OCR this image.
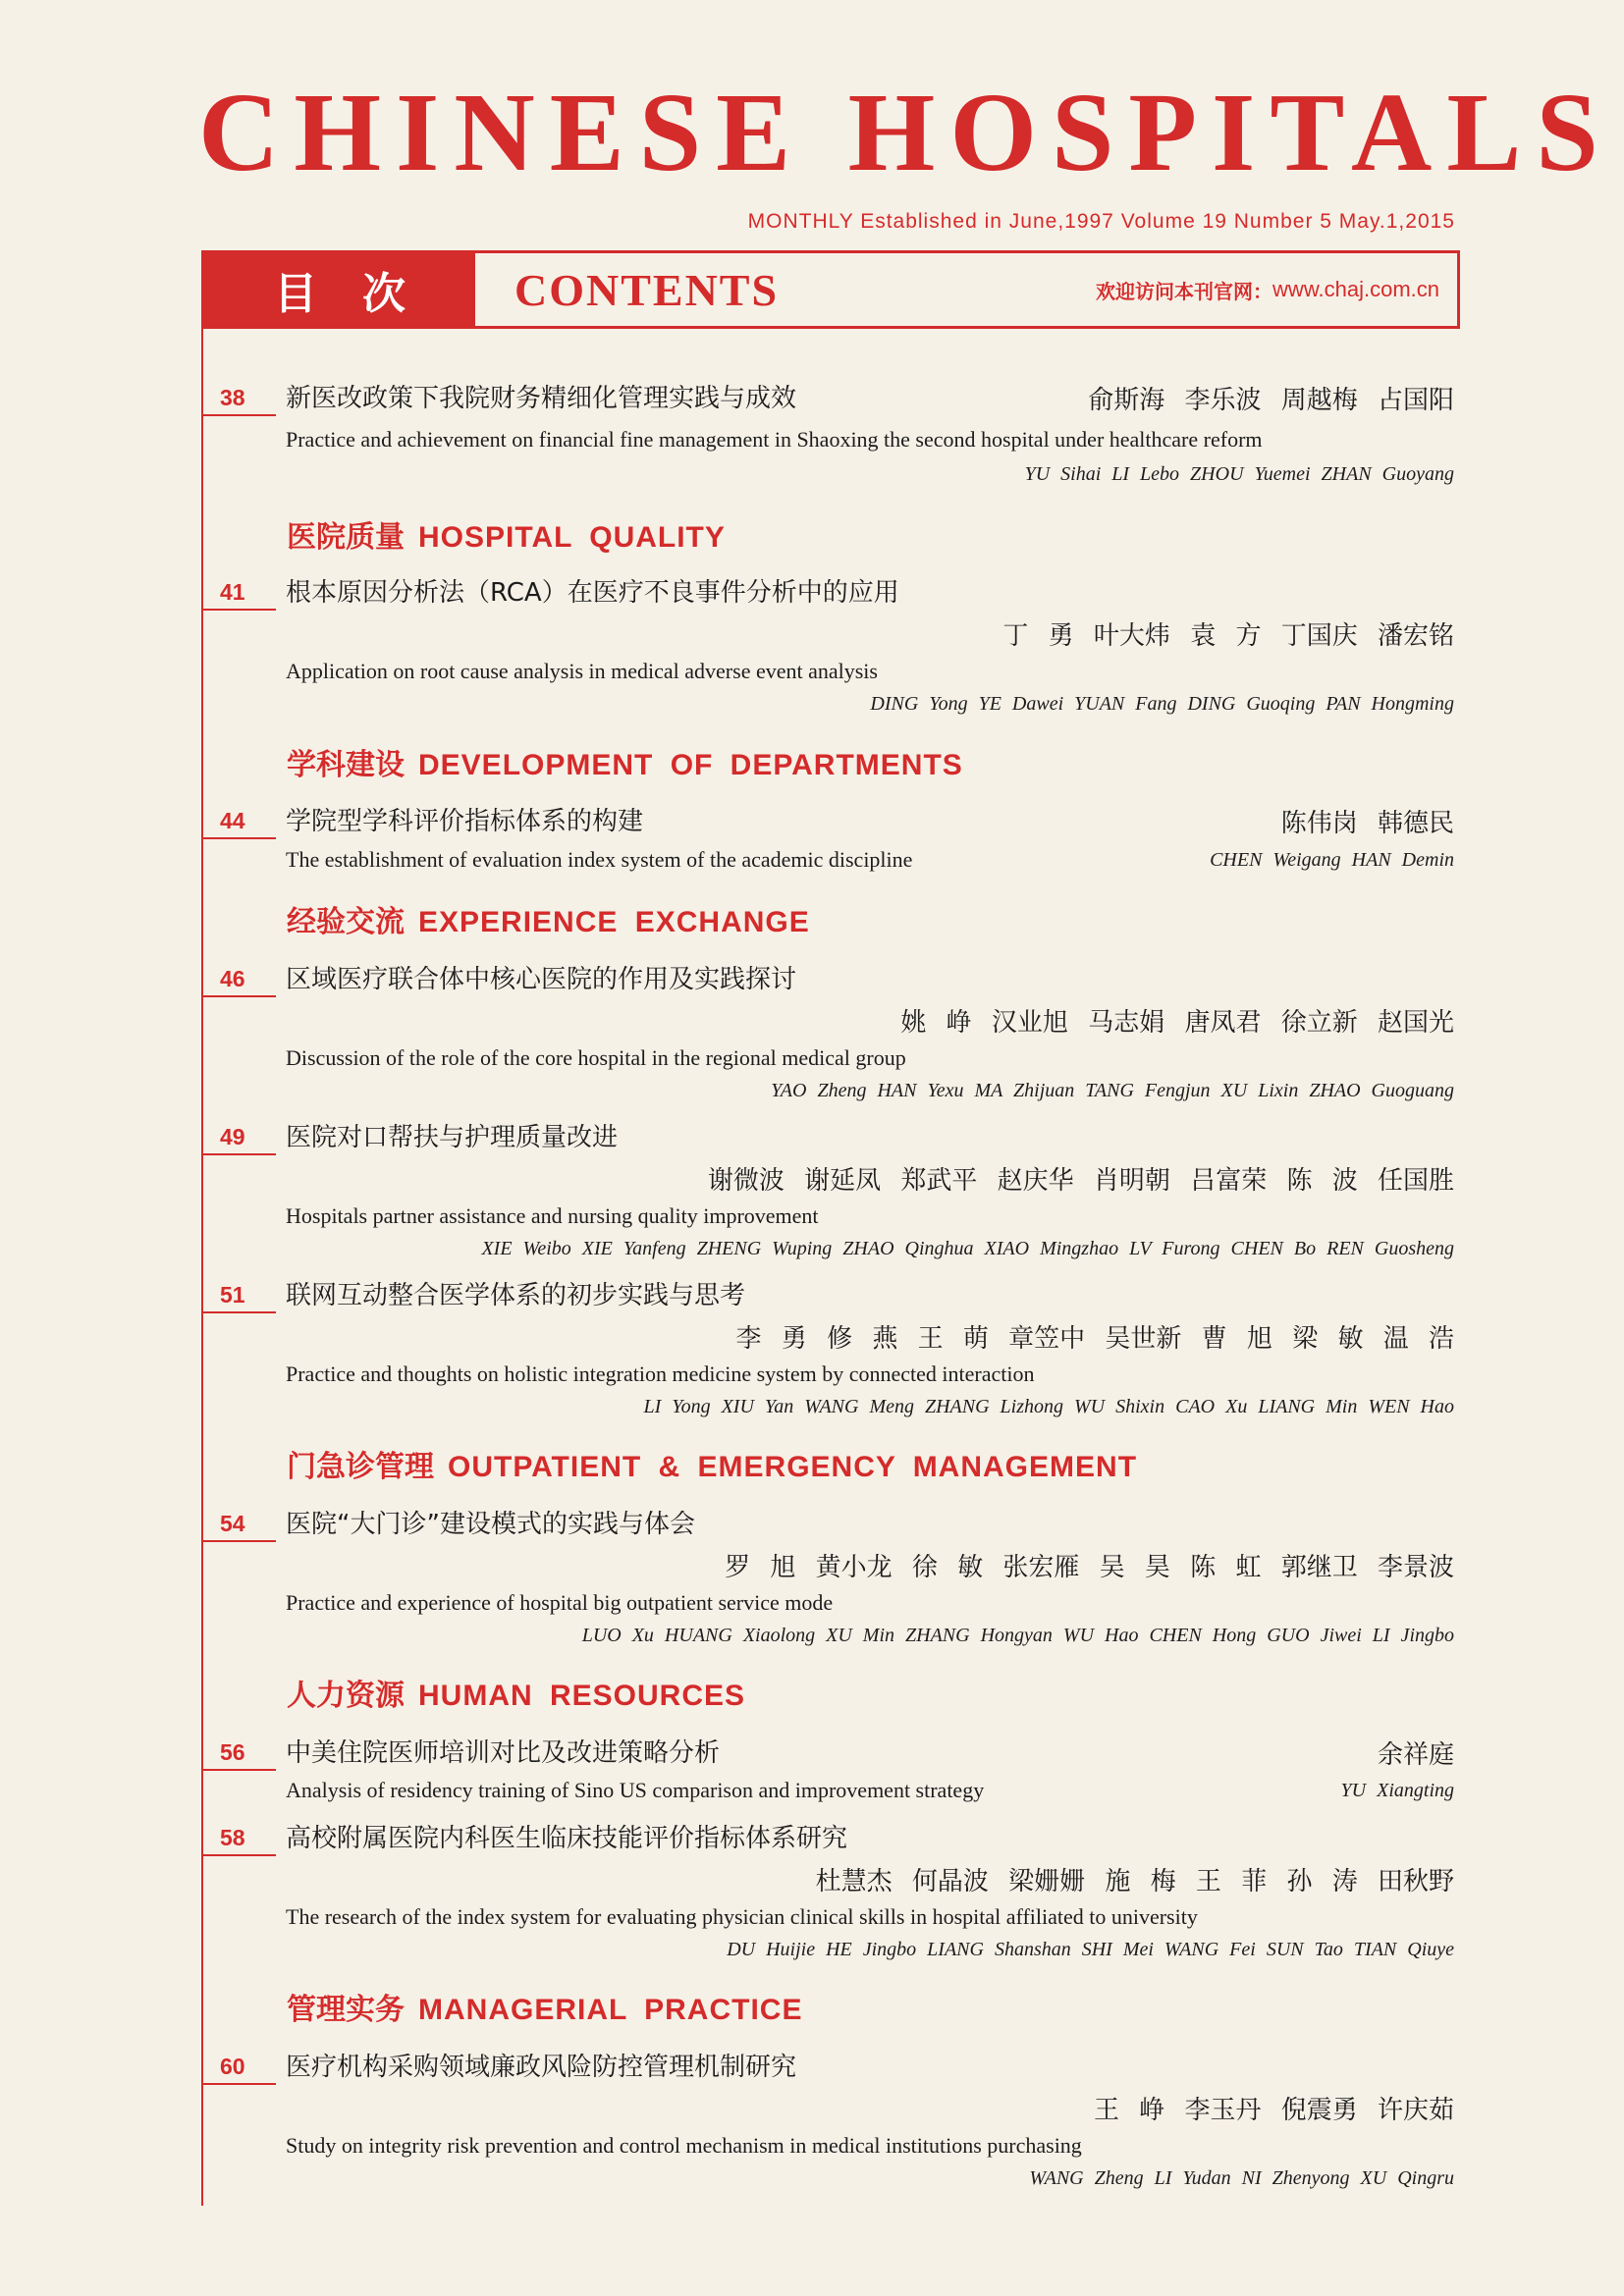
CHINESE HOSPITALS
MONTHLY Established in June,1997 Volume 19 Number 5 May.1,2015
目次	CONTENTS	欢迎访问本刊官网： www.chaj.com.cn
38	新医改政策下我院财务精细化管理实践与成效	俞斯海 李乐波 周越梅 占国阳
Practice and achievement on financial fine management in Shaoxing the second hospital under healthcare reform
YU Sihai LI Lebo ZHOU Yuemei ZHAN Guoyang
医院质量 HOSPITAL QUALITY
41	根本原因分析法（RCA）在医疗不良事件分析中的应用
丁 勇 叶大炜 袁 方 丁国庆 潘宏铭
Application on root cause analysis in medical adverse event analysis
DING Yong YE Dawei YUAN Fang DING Guoqing PAN Hongming
学科建设 DEVELOPMENT OF DEPARTMENTS
44	学院型学科评价指标体系的构建	陈伟岗 韩德民
The establishment of evaluation index system of the academic discipline	CHEN Weigang HAN Demin
经验交流 EXPERIENCE EXCHANGE
46	区域医疗联合体中核心医院的作用及实践探讨
姚 峥 汉业旭 马志娟 唐凤君 徐立新 赵国光
Discussion of the role of the core hospital in the regional medical group
YAO Zheng HAN Yexu MA Zhijuan TANG Fengjun XU Lixin ZHAO Guoguang
49	医院对口帮扶与护理质量改进
谢微波 谢延凤 郑武平 赵庆华 肖明朝 吕富荣 陈 波 任国胜
Hospitals partner assistance and nursing quality improvement
XIE Weibo XIE Yanfeng ZHENG Wuping ZHAO Qinghua XIAO Mingzhao LV Furong CHEN Bo REN Guosheng
51	联网互动整合医学体系的初步实践与思考
李 勇 修 燕 王 萌 章笠中 吴世新 曹 旭 梁 敏 温 浩
Practice and thoughts on holistic integration medicine system by connected interaction
LI Yong XIU Yan WANG Meng ZHANG Lizhong WU Shixin CAO Xu LIANG Min WEN Hao
门急诊管理 OUTPATIENT & EMERGENCY MANAGEMENT
54	医院“大门诊”建设模式的实践与体会
罗 旭 黄小龙 徐 敏 张宏雁 吴 昊 陈 虹 郭继卫 李景波
Practice and experience of hospital big outpatient service mode
LUO Xu HUANG Xiaolong XU Min ZHANG Hongyan WU Hao CHEN Hong GUO Jiwei LI Jingbo
人力资源 HUMAN RESOURCES
56	中美住院医师培训对比及改进策略分析	余祥庭
Analysis of residency training of Sino US comparison and improvement strategy	YU Xiangting
58	高校附属医院内科医生临床技能评价指标体系研究
杜慧杰 何晶波 梁姗姗 施 梅 王 菲 孙 涛 田秋野
The research of the index system for evaluating physician clinical skills in hospital affiliated to university
DU Huijie HE Jingbo LIANG Shanshan SHI Mei WANG Fei SUN Tao TIAN Qiuye
管理实务 MANAGERIAL PRACTICE
60	医疗机构采购领域廉政风险防控管理机制研究
王 峥 李玉丹 倪震勇 许庆茹
Study on integrity risk prevention and control mechanism in medical institutions purchasing
WANG Zheng LI Yudan NI Zhenyong XU Qingru
